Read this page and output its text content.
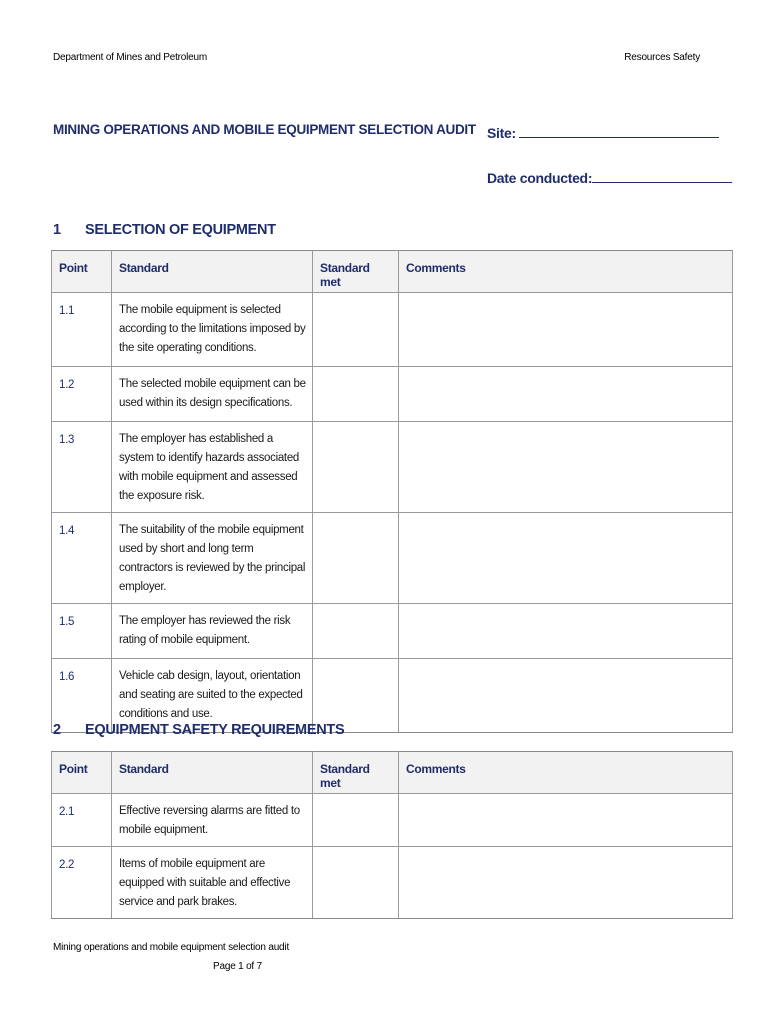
Department of Mines and Petroleum	Resources Safety
MINING OPERATIONS AND MOBILE EQUIPMENT SELECTION AUDIT Site:
Date conducted:
1 SELECTION OF EQUIPMENT
Point	Standard	Standard met	Comments
1.1	The mobile equipment is selected according to the limitations imposed by the site operating conditions.		
1.2	The selected mobile equipment can be used within its design specifications.		
1.3	The employer has established a system to identify hazards associated with mobile equipment and assessed the exposure risk.		
1.4	The suitability of the mobile equipment used by short and long term contractors is reviewed by the principal employer.		
1.5	The employer has reviewed the risk rating of mobile equipment.		
1.6	Vehicle cab design, layout, orientation and seating are suited to the expected conditions and use.		
2 EQUIPMENT SAFETY REQUIREMENTS
Point	Standard	Standard met	Comments
2.1	Effective reversing alarms are fitted to mobile equipment.		
2.2	Items of mobile equipment are equipped with suitable and effective service and park brakes.		
Mining operations and mobile equipment selection audit
Page 1 of 7
